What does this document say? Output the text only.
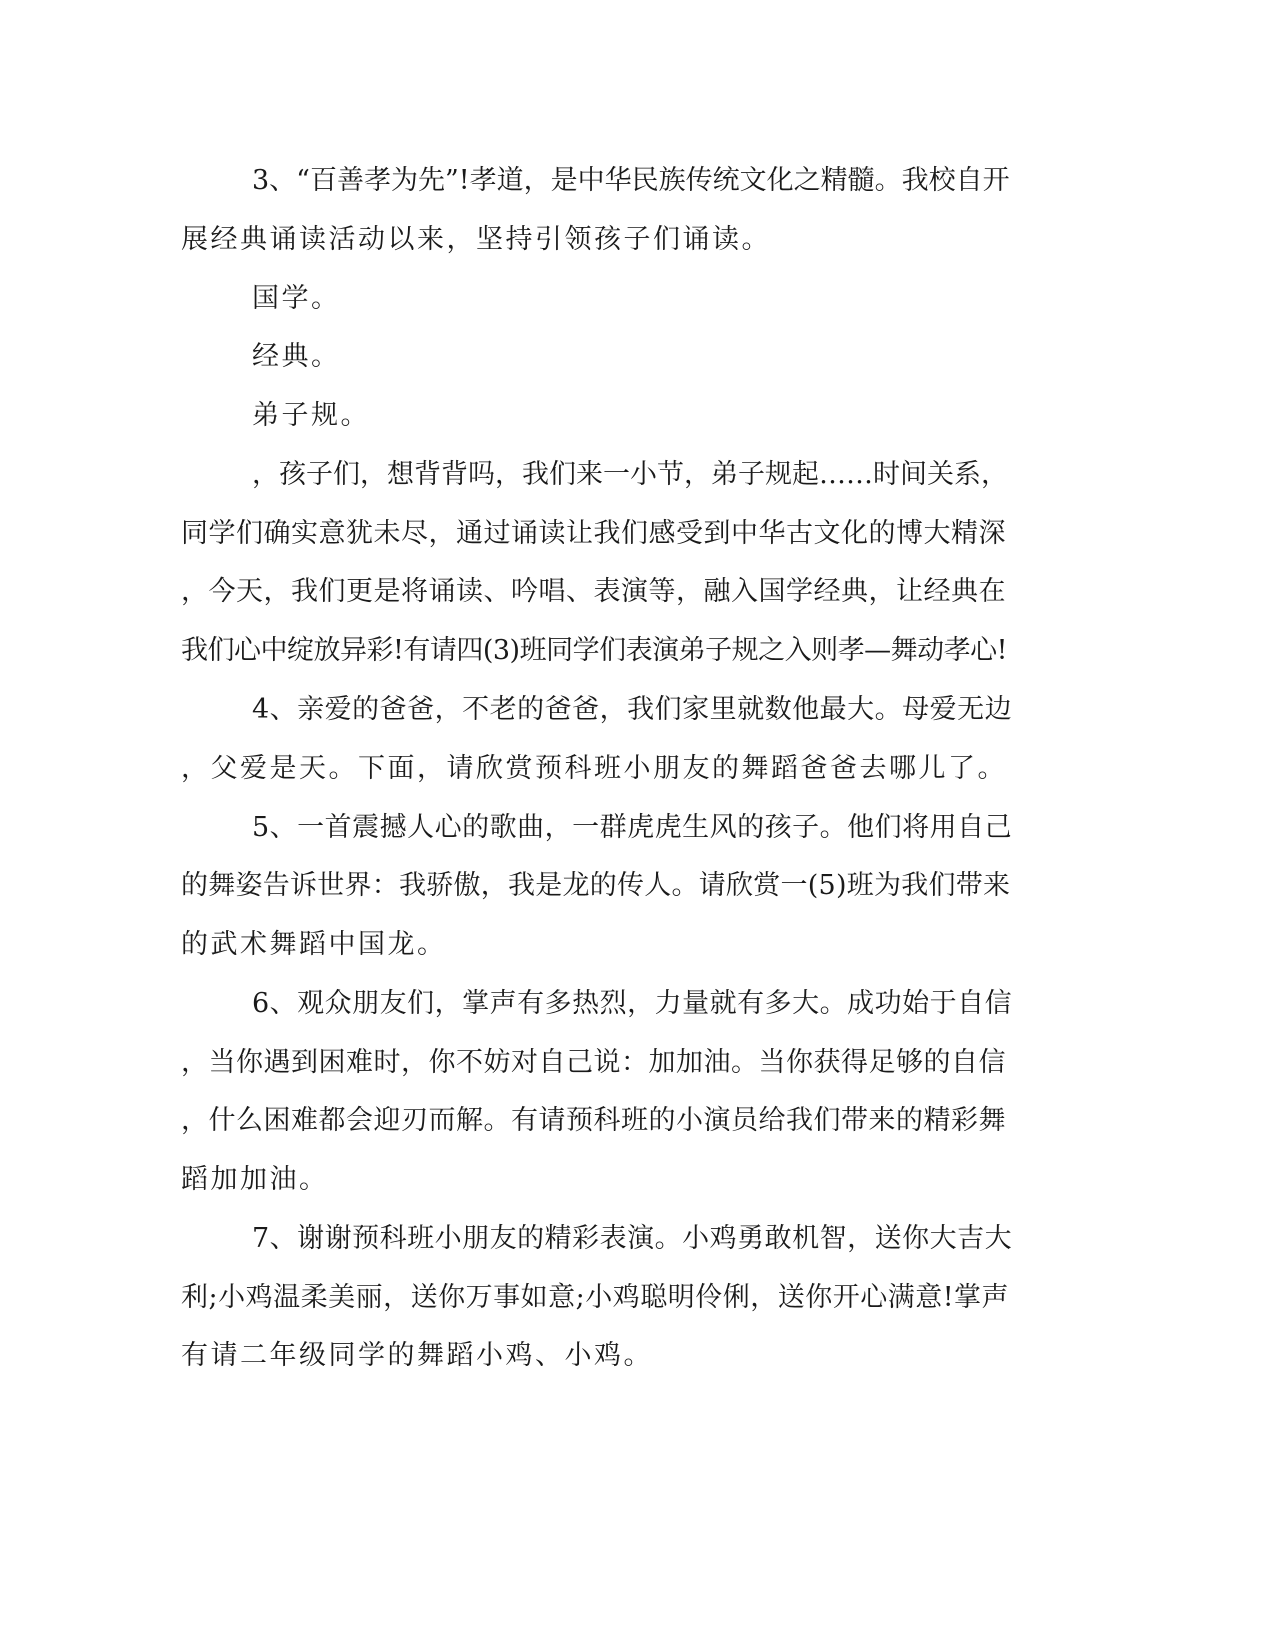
3、“百善孝为先”!孝道，是中华民族传统文化之精髓。我校自开
展经典诵读活动以来，坚持引领孩子们诵读。
国学。
经典。
弟子规。
，孩子们，想背背吗，我们来一小节，弟子规起……时间关系，
同学们确实意犹未尽，通过诵读让我们感受到中华古文化的博大精深
，今天，我们更是将诵读、吟唱、表演等，融入国学经典，让经典在
我们心中绽放异彩!有请四(3)班同学们表演弟子规之入则孝—舞动孝心!
4、亲爱的爸爸，不老的爸爸，我们家里就数他最大。母爱无边
，父爱是天。下面，请欣赏预科班小朋友的舞蹈爸爸去哪儿了。
5、一首震撼人心的歌曲，一群虎虎生风的孩子。他们将用自己
的舞姿告诉世界：我骄傲，我是龙的传人。请欣赏一(5)班为我们带来
的武术舞蹈中国龙。
6、观众朋友们，掌声有多热烈，力量就有多大。成功始于自信
，当你遇到困难时，你不妨对自己说：加加油。当你获得足够的自信
，什么困难都会迎刃而解。有请预科班的小演员给我们带来的精彩舞
蹈加加油。
7、谢谢预科班小朋友的精彩表演。小鸡勇敢机智，送你大吉大
利;小鸡温柔美丽，送你万事如意;小鸡聪明伶俐，送你开心满意!掌声
有请二年级同学的舞蹈小鸡、小鸡。
